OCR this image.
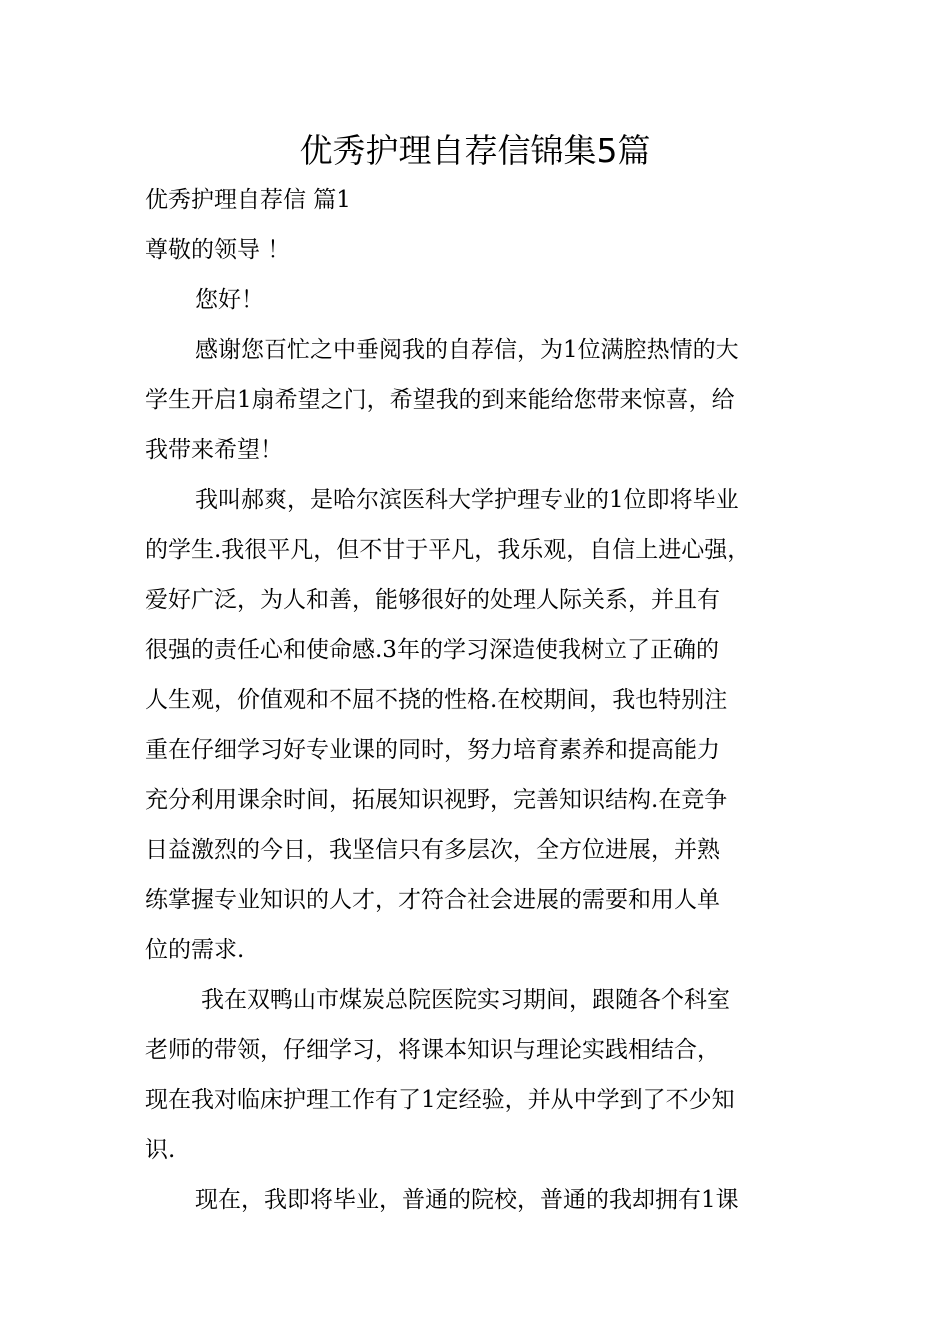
优秀护理自荐信锦集5篇

优秀护理自荐信 篇1

尊敬的领导 ！

您好！

感谢您百忙之中垂阅我的自荐信，为1位满腔热情的大

学生开启1扇希望之门，希望我的到来能给您带来惊喜，给

我带来希望！

我叫郝爽，是哈尔滨医科大学护理专业的1位即将毕业

的学生.我很平凡，但不甘于平凡，我乐观，自信上进心强，

爱好广泛，为人和善，能够很好的处理人际关系，并且有

很强的责任心和使命感.3年的学习深造使我树立了正确的

人生观，价值观和不屈不挠的性格.在校期间，我也特别注

重在仔细学习好专业课的同时，努力培育素养和提高能力

充分利用课余时间，拓展知识视野，完善知识结构.在竞争

日益激烈的今日，我坚信只有多层次，全方位进展，并熟

练掌握专业知识的人才，才符合社会进展的需要和用人单

位的需求.

我在双鸭山市煤炭总院医院实习期间，跟随各个科室

老师的带领，仔细学习，将课本知识与理论实践相结合，

现在我对临床护理工作有了1定经验，并从中学到了不少知

识.

现在，我即将毕业，普通的院校，普通的我却拥有1课
